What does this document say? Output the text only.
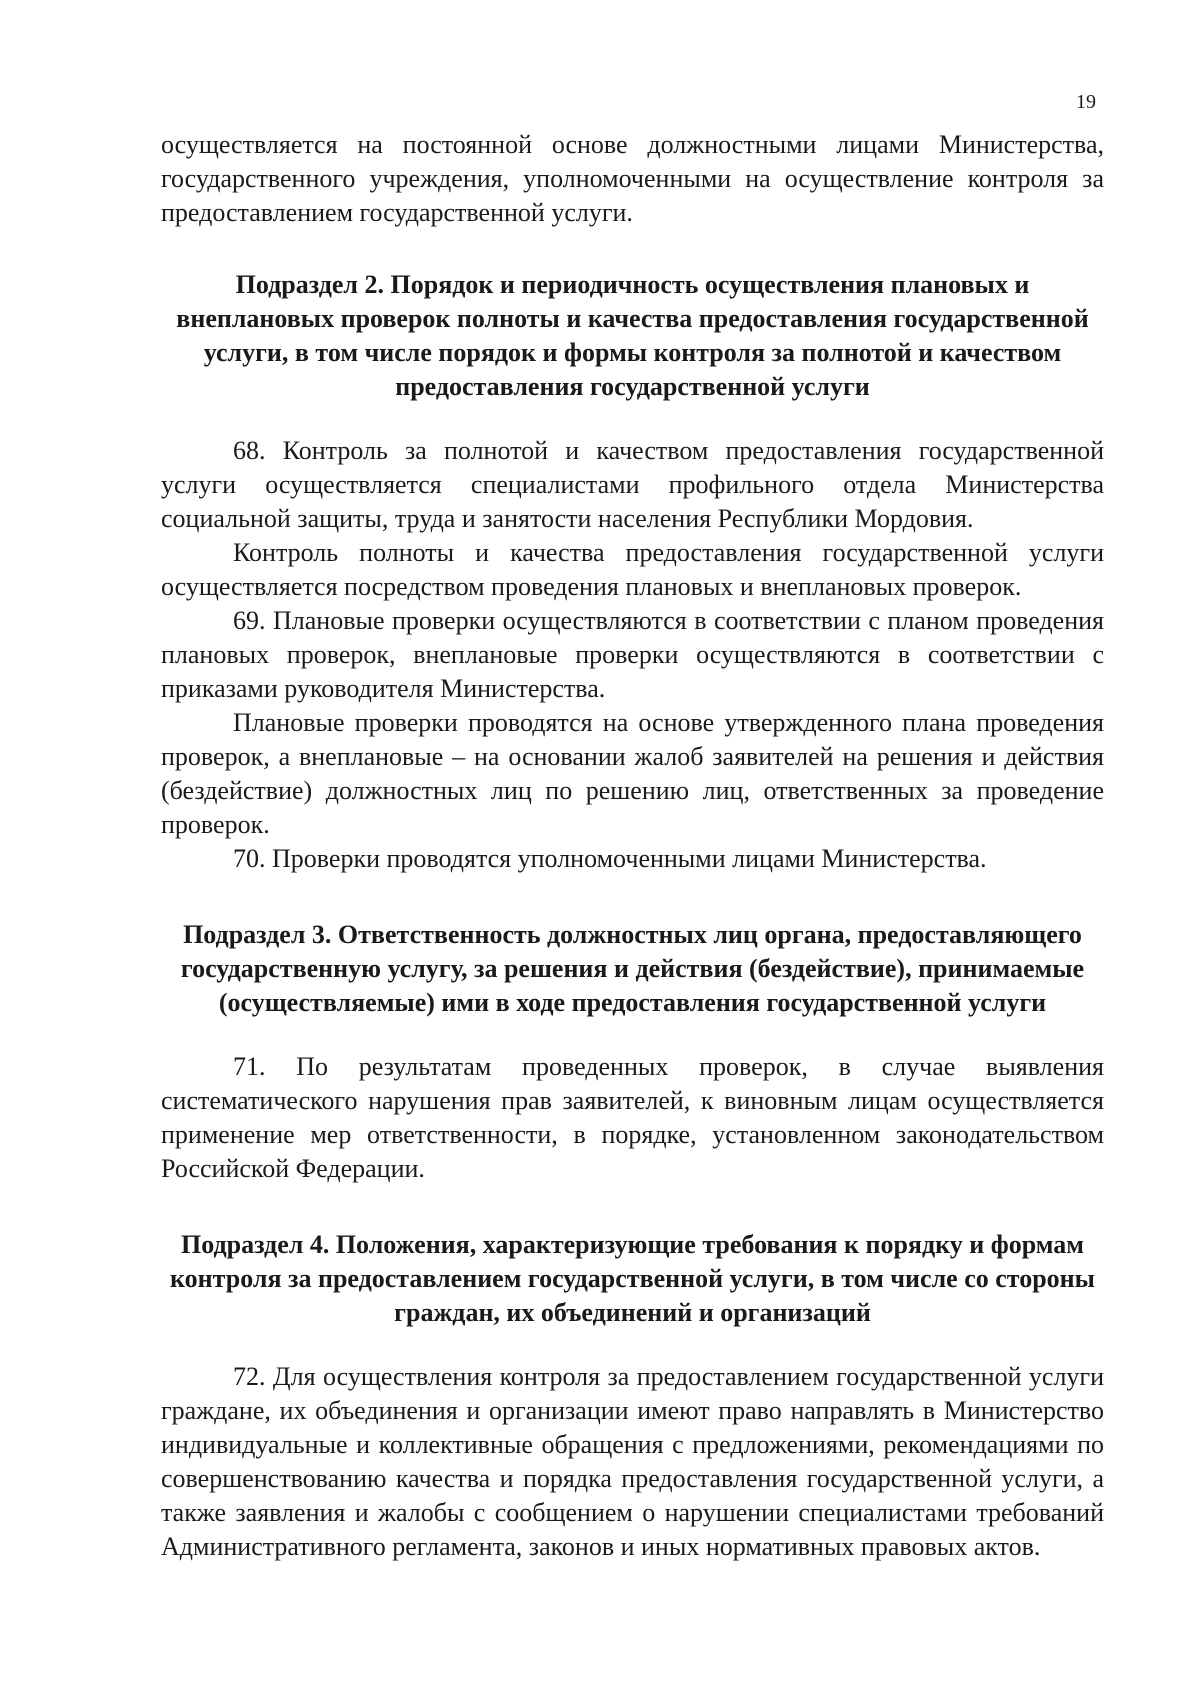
19

осуществляется на постоянной основе должностными лицами Министерства, государственного учреждения, уполномоченными на осуществление контроля за предоставлением государственной услуги.

Подраздел 2. Порядок и периодичность осуществления плановых и внеплановых проверок полноты и качества предоставления государственной услуги, в том числе порядок и формы контроля за полнотой и качеством предоставления государственной услуги

68. Контроль за полнотой и качеством предоставления государственной услуги осуществляется специалистами профильного отдела Министерства социальной защиты, труда и занятости населения Республики Мордовия.

Контроль полноты и качества предоставления государственной услуги осуществляется посредством проведения плановых и внеплановых проверок.

69. Плановые проверки осуществляются в соответствии с планом проведения плановых проверок, внеплановые проверки осуществляются в соответствии с приказами руководителя Министерства.

Плановые проверки проводятся на основе утвержденного плана проведения проверок, а внеплановые – на основании жалоб заявителей на решения и действия (бездействие) должностных лиц по решению лиц, ответственных за проведение проверок.

70. Проверки проводятся уполномоченными лицами Министерства.

Подраздел 3. Ответственность должностных лиц органа, предоставляющего государственную услугу, за решения и действия (бездействие), принимаемые (осуществляемые) ими в ходе предоставления государственной услуги

71. По результатам проведенных проверок, в случае выявления систематического нарушения прав заявителей, к виновным лицам осуществляется применение мер ответственности, в порядке, установленном законодательством Российской Федерации.

Подраздел 4. Положения, характеризующие требования к порядку и формам контроля за предоставлением государственной услуги, в том числе со стороны граждан, их объединений и организаций

72. Для осуществления контроля за предоставлением государственной услуги граждане, их объединения и организации имеют право направлять в Министерство индивидуальные и коллективные обращения с предложениями, рекомендациями по совершенствованию качества и порядка предоставления государственной услуги, а также заявления и жалобы с сообщением о нарушении специалистами требований Административного регламента, законов и иных нормативных правовых актов.
